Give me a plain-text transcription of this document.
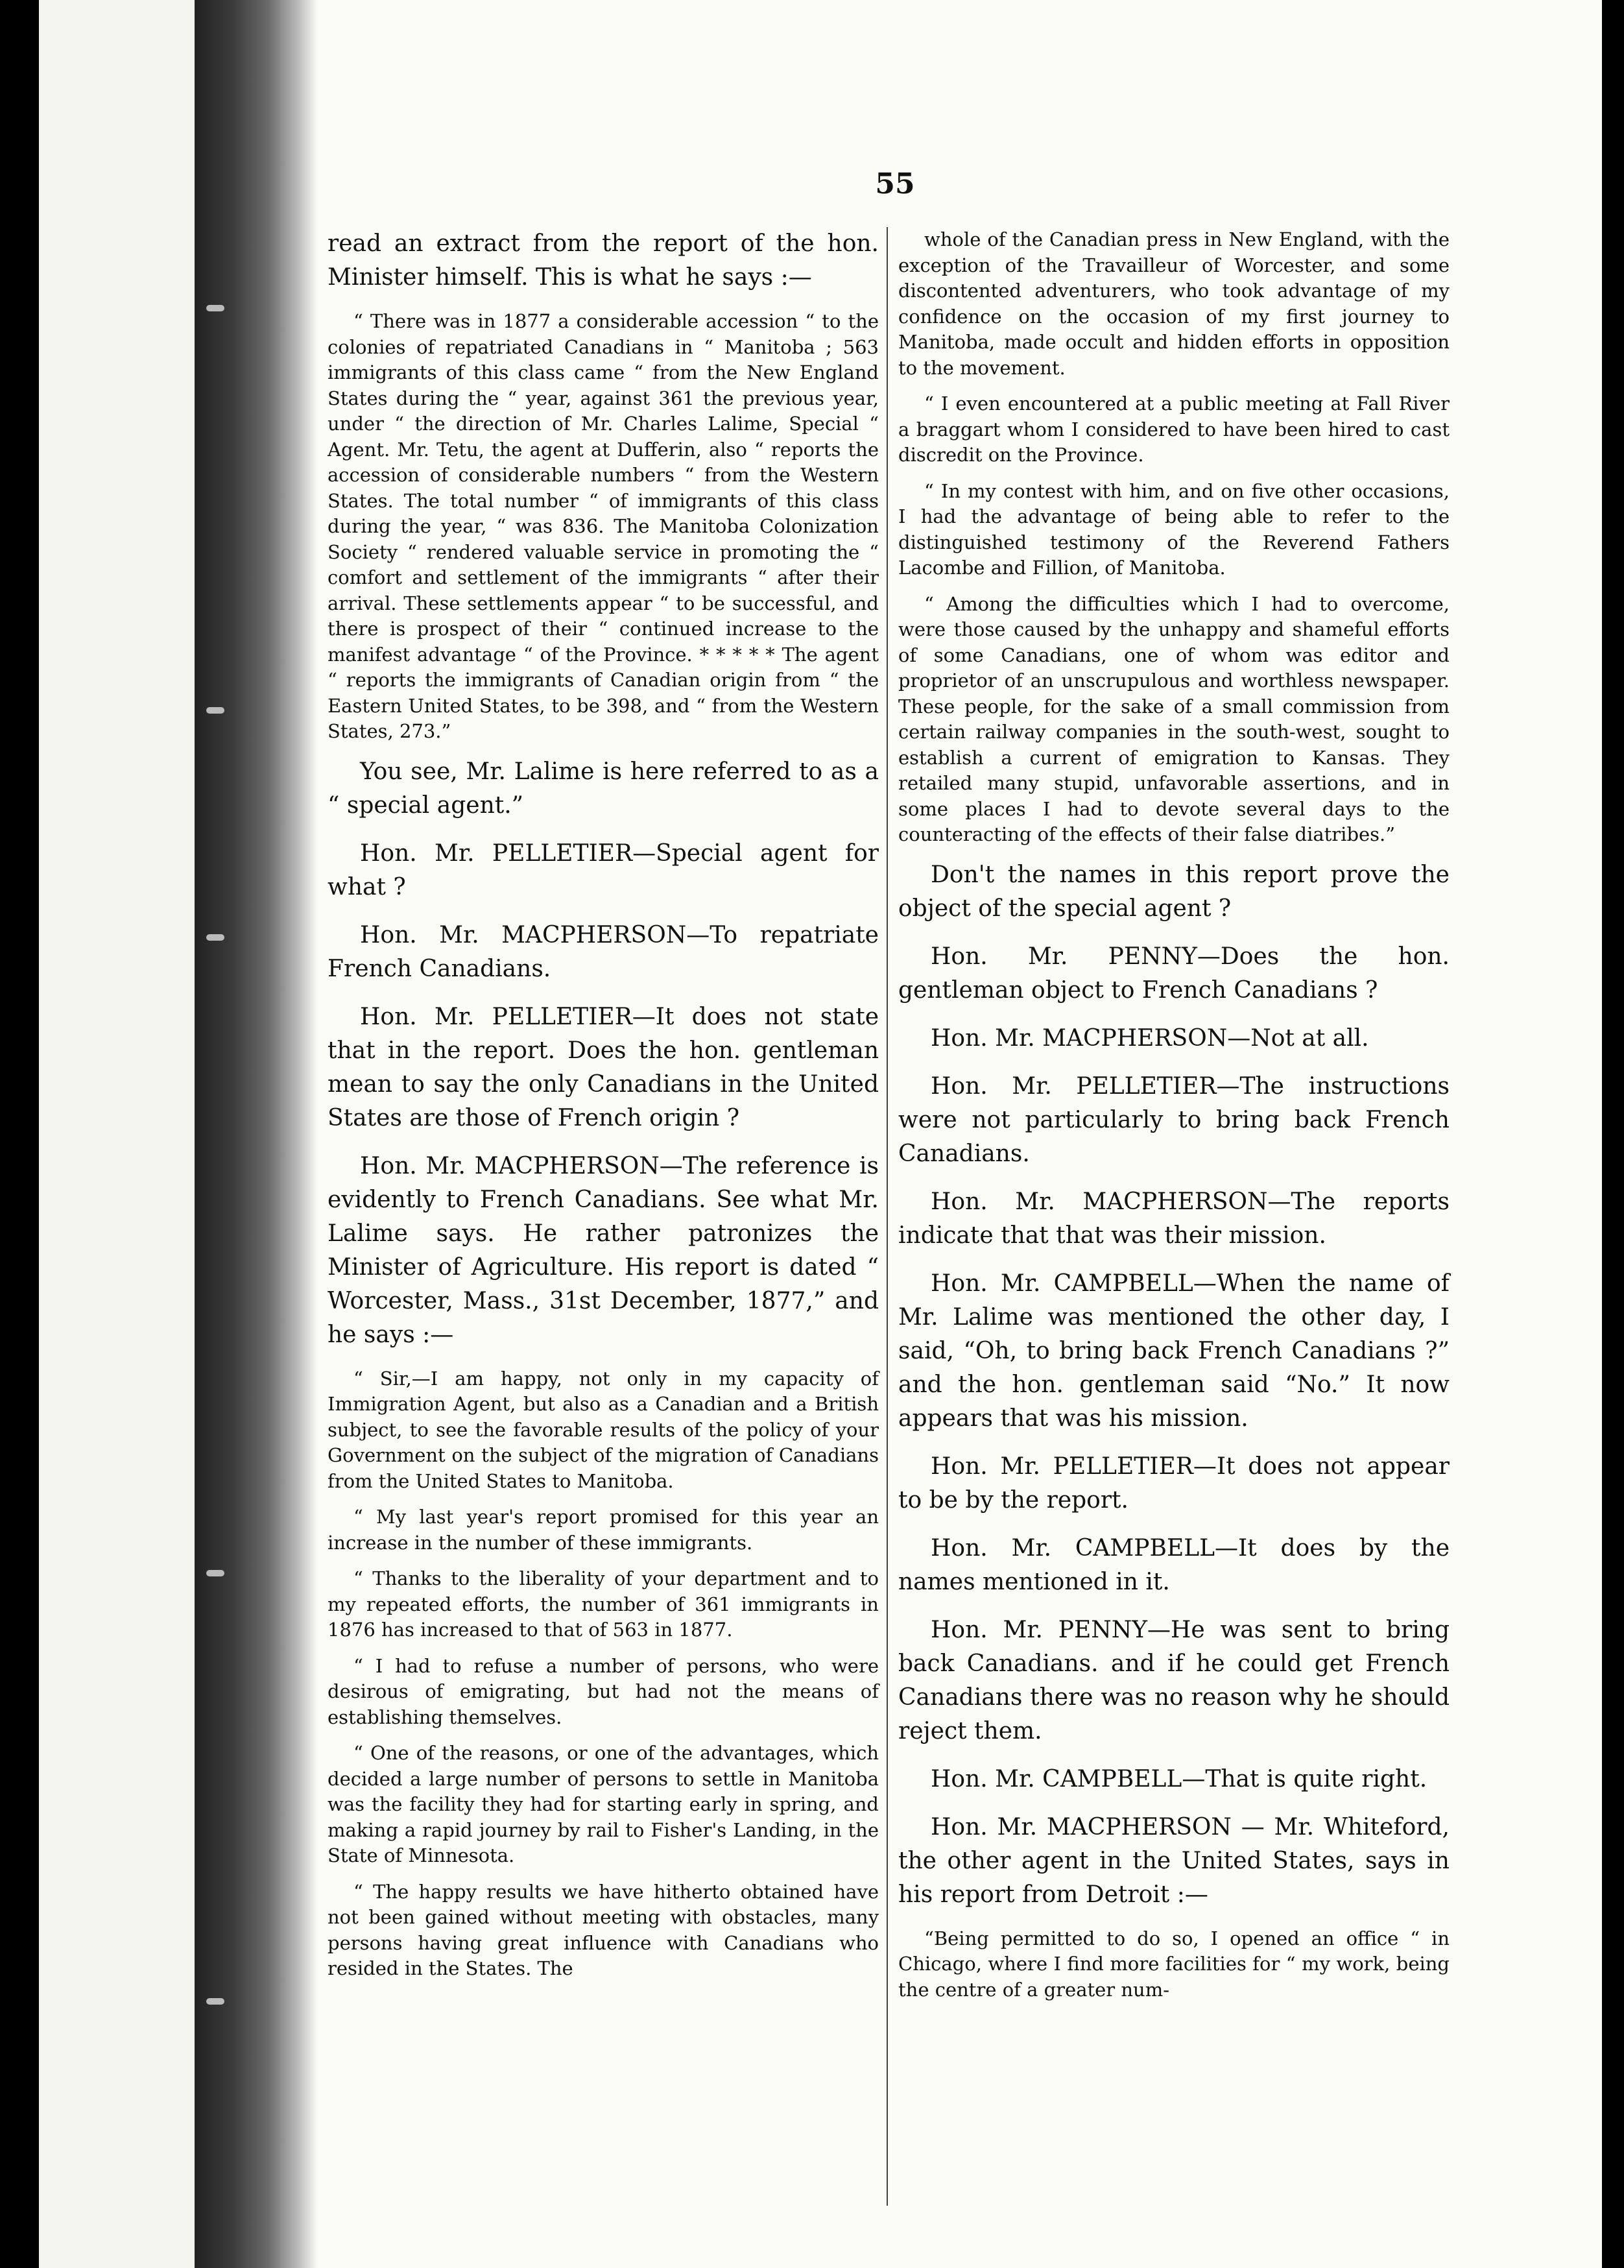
55

read an extract from the report of the hon. Minister himself. This is what he says :—

“ There was in 1877 a considerable accession “ to the colonies of repatriated Canadians in “ Manitoba ; 563 immigrants of this class came “ from the New England States during the “ year, against 361 the previous year, under “ the direction of Mr. Charles Lalime, Special “ Agent. Mr. Tetu, the agent at Dufferin, also “ reports the accession of considerable numbers “ from the Western States. The total number “ of immigrants of this class during the year, “ was 836. The Manitoba Colonization Society “ rendered valuable service in promoting the “ comfort and settlement of the immigrants “ after their arrival. These settlements appear “ to be successful, and there is prospect of their “ continued increase to the manifest advantage “ of the Province. * * * * * The agent “ reports the immigrants of Canadian origin from “ the Eastern United States, to be 398, and “ from the Western States, 273.”

You see, Mr. Lalime is here referred to as a “ special agent.”

Hon. Mr. PELLETIER—Special agent for what ?

Hon. Mr. MACPHERSON—To repatriate French Canadians.

Hon. Mr. PELLETIER—It does not state that in the report. Does the hon. gentleman mean to say the only Canadians in the United States are those of French origin ?

Hon. Mr. MACPHERSON—The reference is evidently to French Canadians. See what Mr. Lalime says. He rather patronizes the Minister of Agriculture. His report is dated “ Worcester, Mass., 31st December, 1877,” and he says :—

“ Sir,—I am happy, not only in my capacity of Immigration Agent, but also as a Canadian and a British subject, to see the favorable results of the policy of your Government on the subject of the migration of Canadians from the United States to Manitoba.

“ My last year's report promised for this year an increase in the number of these immigrants.

“ Thanks to the liberality of your department and to my repeated efforts, the number of 361 immigrants in 1876 has increased to that of 563 in 1877.

“ I had to refuse a number of persons, who were desirous of emigrating, but had not the means of establishing themselves.

“ One of the reasons, or one of the advantages, which decided a large number of persons to settle in Manitoba was the facility they had for starting early in spring, and making a rapid journey by rail to Fisher's Landing, in the State of Minnesota.

“ The happy results we have hitherto obtained have not been gained without meeting with obstacles, many persons having great influence with Canadians who resided in the States. The

whole of the Canadian press in New England, with the exception of the Travailleur of Worcester, and some discontented adventurers, who took advantage of my confidence on the occasion of my first journey to Manitoba, made occult and hidden efforts in opposition to the movement.

“ I even encountered at a public meeting at Fall River a braggart whom I considered to have been hired to cast discredit on the Province.

“ In my contest with him, and on five other occasions, I had the advantage of being able to refer to the distinguished testimony of the Reverend Fathers Lacombe and Fillion, of Manitoba.

“ Among the difficulties which I had to overcome, were those caused by the unhappy and shameful efforts of some Canadians, one of whom was editor and proprietor of an unscrupulous and worthless newspaper. These people, for the sake of a small commission from certain railway companies in the south-west, sought to establish a current of emigration to Kansas. They retailed many stupid, unfavorable assertions, and in some places I had to devote several days to the counteracting of the effects of their false diatribes.”

Don't the names in this report prove the object of the special agent ?

Hon. Mr. PENNY—Does the hon. gentleman object to French Canadians ?

Hon. Mr. MACPHERSON—Not at all.

Hon. Mr. PELLETIER—The instructions were not particularly to bring back French Canadians.

Hon. Mr. MACPHERSON—The reports indicate that that was their mission.

Hon. Mr. CAMPBELL—When the name of Mr. Lalime was mentioned the other day, I said, “Oh, to bring back French Canadians ?” and the hon. gentleman said “No.” It now appears that was his mission.

Hon. Mr. PELLETIER—It does not appear to be by the report.

Hon. Mr. CAMPBELL—It does by the names mentioned in it.

Hon. Mr. PENNY—He was sent to bring back Canadians. and if he could get French Canadians there was no reason why he should reject them.

Hon. Mr. CAMPBELL—That is quite right.

Hon. Mr. MACPHERSON — Mr. Whiteford, the other agent in the United States, says in his report from Detroit :—

“Being permitted to do so, I opened an office “ in Chicago, where I find more facilities for “ my work, being the centre of a greater num-
